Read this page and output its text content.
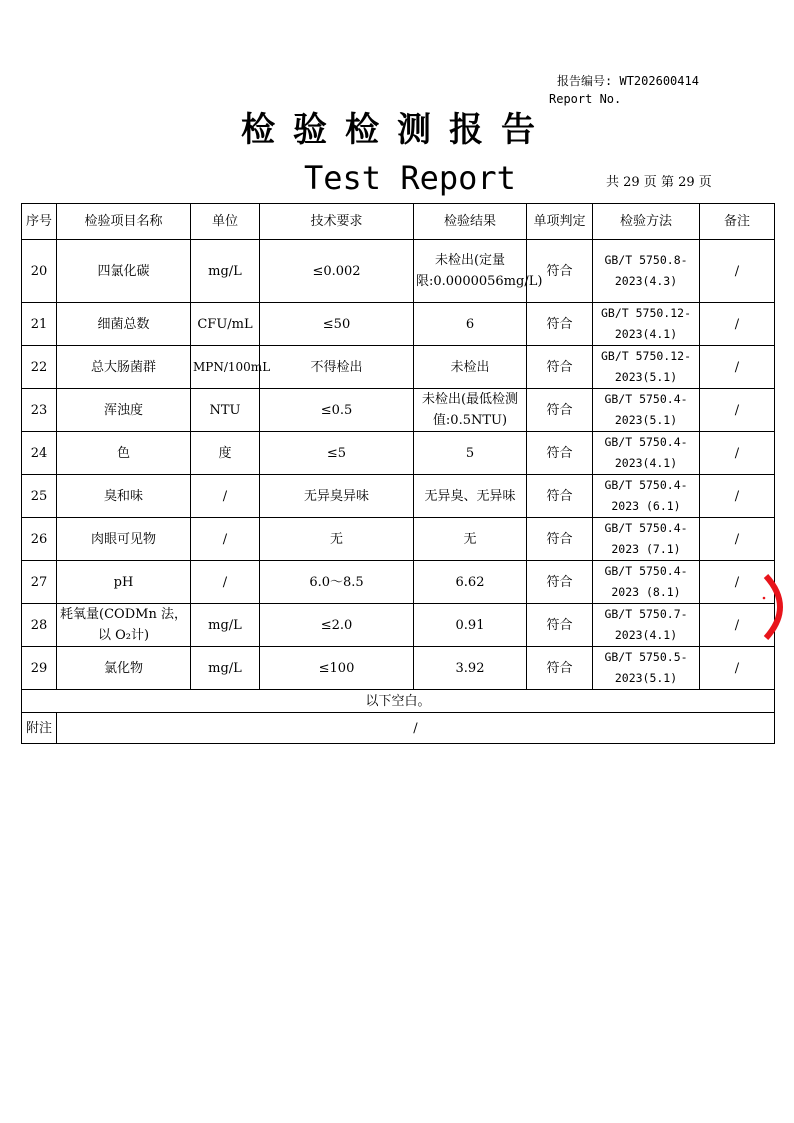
报告编号: WT202600414
Report No.
检验检测报告
Test Report	共 29 页 第 29 页
序号	检验项目名称	单位	技术要求	检验结果	单项判定	检验方法	备注
20	四氯化碳	mg/L	≤0.002	未检出(定量限:0.0000056mg/L)	符合	GB/T 5750.8-2023(4.3)	/
21	细菌总数	CFU/mL	≤50	6	符合	GB/T 5750.12-2023(4.1)	/
22	总大肠菌群	MPN/100mL	不得检出	未检出	符合	GB/T 5750.12-2023(5.1)	/
23	浑浊度	NTU	≤0.5	未检出(最低检测值:0.5NTU)	符合	GB/T 5750.4-2023(5.1)	/
24	色	度	≤5	5	符合	GB/T 5750.4-2023(4.1)	/
25	臭和味	/	无异臭异味	无异臭、无异味	符合	GB/T 5750.4-2023 (6.1)	/
26	肉眼可见物	/	无	无	符合	GB/T 5750.4-2023 (7.1)	/
27	pH	/	6.0～8.5	6.62	符合	GB/T 5750.4-2023 (8.1)	/
28	耗氧量(CODMn 法，以 O₂计)	mg/L	≤2.0	0.91	符合	GB/T 5750.7-2023(4.1)	/
29	氯化物	mg/L	≤100	3.92	符合	GB/T 5750.5-2023(5.1)	/
以下空白。							
附注	/						
